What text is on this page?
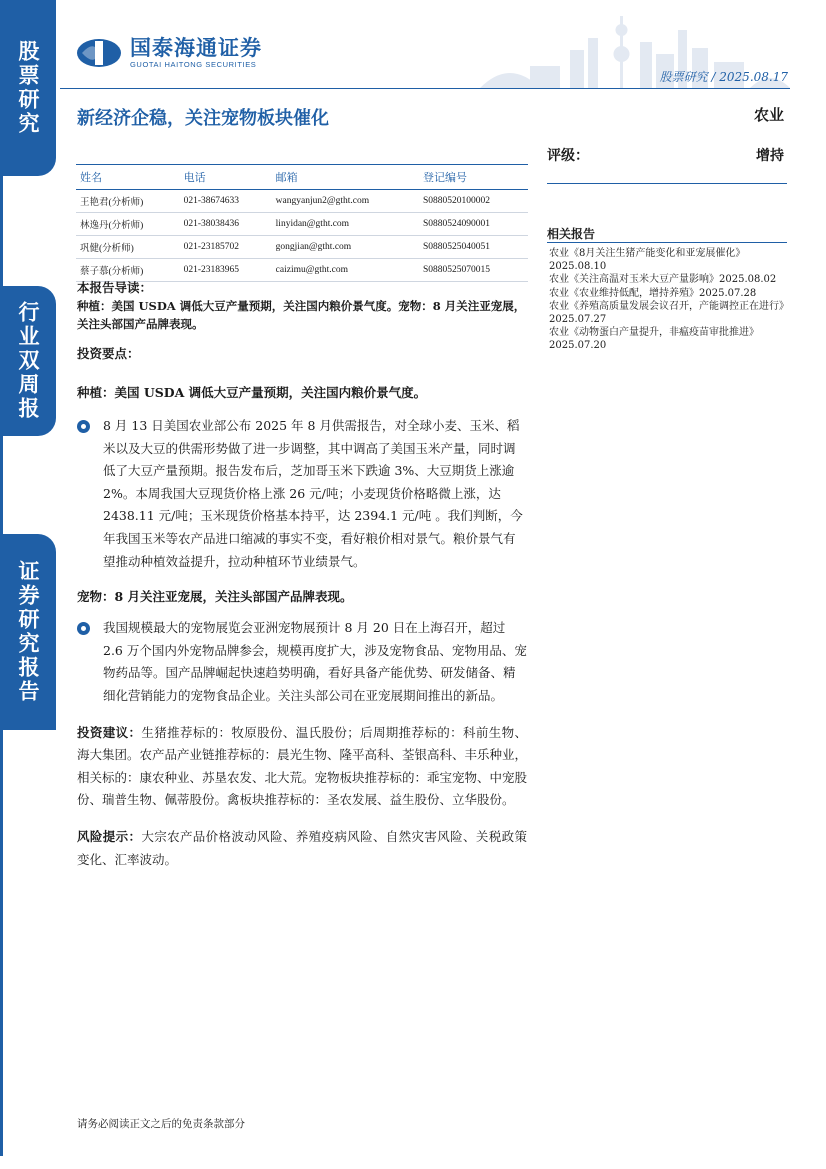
股票研究
行业双周报
证券研究报告
国泰海通证券
GUOTAI HAITONG SECURITIES
股票研究 / 2025.08.17
新经济企稳，关注宠物板块催化	农业
评级：	增持
姓名	电话	邮箱	登记编号
王艳君(分析师)	021-38674633	wangyanjun2@gtht.com	S0880520100002
林逸丹(分析师)	021-38038436	linyidan@gtht.com	S0880524090001
巩健(分析师)	021-23185702	gongjian@gtht.com	S0880525040051
蔡子慕(分析师)	021-23183965	caizimu@gtht.com	S0880525070015
相关报告
农业《8月关注生猪产能变化和亚宠展催化》2025.08.10
农业《关注高温对玉米大豆产量影响》2025.08.02
农业《农业维持低配，增持养殖》2025.07.28
农业《养殖高质量发展会议召开，产能调控正在进行》2025.07.27
农业《动物蛋白产量提升，非瘟疫苗审批推进》2025.07.20
本报告导读：
种植：美国 USDA 调低大豆产量预期，关注国内粮价景气度。宠物：8 月关注亚宠展，关注头部国产品牌表现。
投资要点：
种植：美国 USDA 调低大豆产量预期，关注国内粮价景气度。
8 月 13 日美国农业部公布 2025 年 8 月供需报告，对全球小麦、玉米、稻米以及大豆的供需形势做了进一步调整，其中调高了美国玉米产量，同时调低了大豆产量预期。报告发布后，芝加哥玉米下跌逾 3%、大豆期货上涨逾 2%。本周我国大豆现货价格上涨 26 元/吨；小麦现货价格略微上涨，达 2438.11 元/吨；玉米现货价格基本持平，达 2394.1 元/吨 。我们判断，今年我国玉米等农产品进口缩减的事实不变，看好粮价相对景气。粮价景气有望推动种植效益提升，拉动种植环节业绩景气。
宠物：8 月关注亚宠展，关注头部国产品牌表现。
我国规模最大的宠物展览会亚洲宠物展预计 8 月 20 日在上海召开，超过 2.6 万个国内外宠物品牌参会，规模再度扩大，涉及宠物食品、宠物用品、宠物药品等。国产品牌崛起快速趋势明确，看好具备产能优势、研发储备、精细化营销能力的宠物食品企业。关注头部公司在亚宠展期间推出的新品。
投资建议：生猪推荐标的：牧原股份、温氏股份；后周期推荐标的：科前生物、海大集团。农产品产业链推荐标的：晨光生物、隆平高科、荃银高科、丰乐种业，相关标的：康农种业、苏垦农发、北大荒。宠物板块推荐标的：乖宝宠物、中宠股份、瑞普生物、佩蒂股份。禽板块推荐标的：圣农发展、益生股份、立华股份。
风险提示：大宗农产品价格波动风险、养殖疫病风险、自然灾害风险、关税政策变化、汇率波动。
请务必阅读正文之后的免责条款部分
